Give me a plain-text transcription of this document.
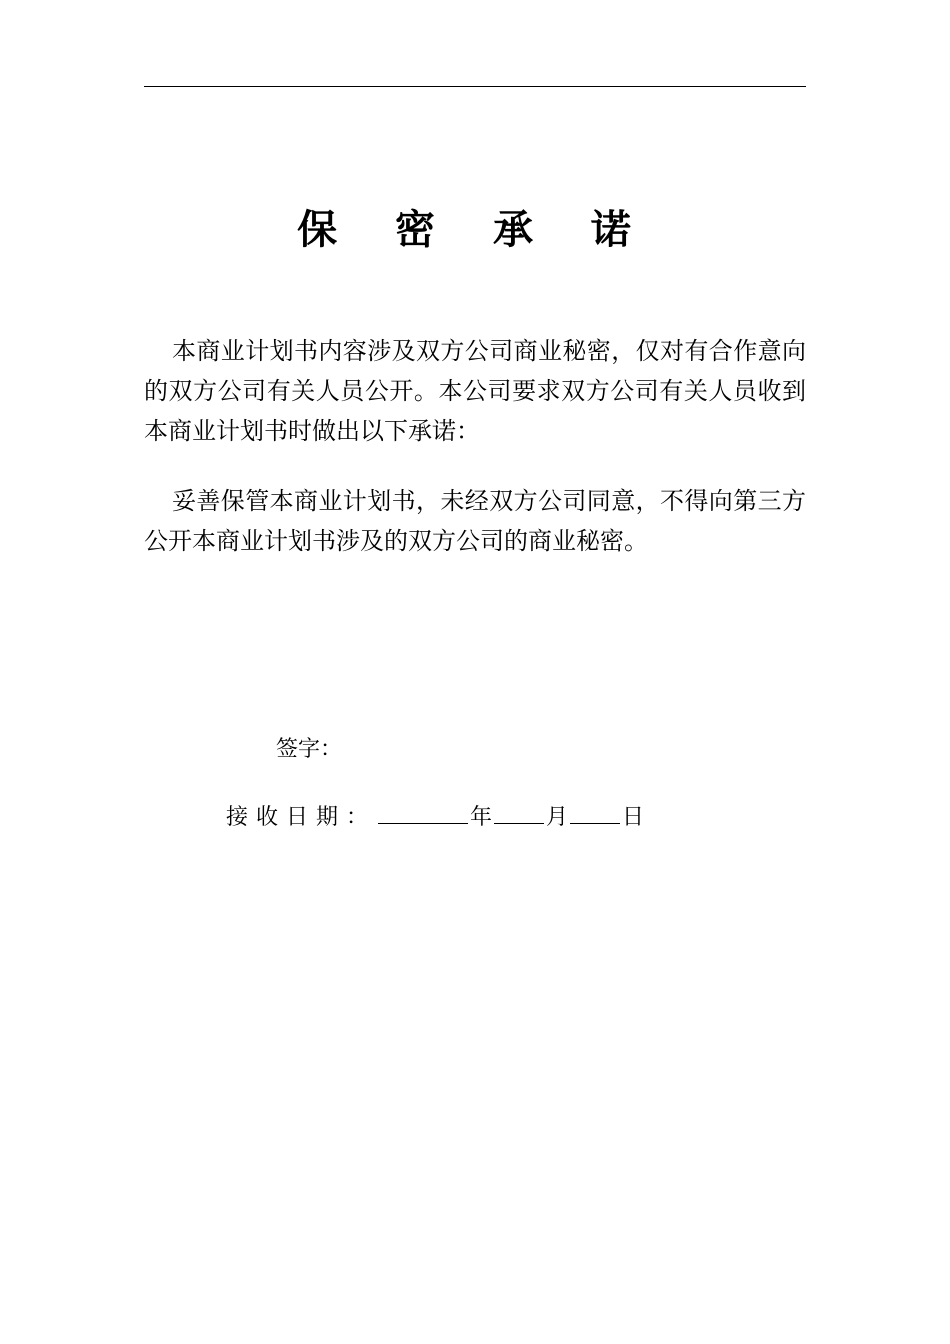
保 密 承 诺

本商业计划书内容涉及双方公司商业秘密，仅对有合作意向的双方公司有关人员公开。本公司要求双方公司有关人员收到本商业计划书时做出以下承诺：

妥善保管本商业计划书，未经双方公司同意，不得向第三方公开本商业计划书涉及的双方公司的商业秘密。

签字：
接收日期：	年 月 日
